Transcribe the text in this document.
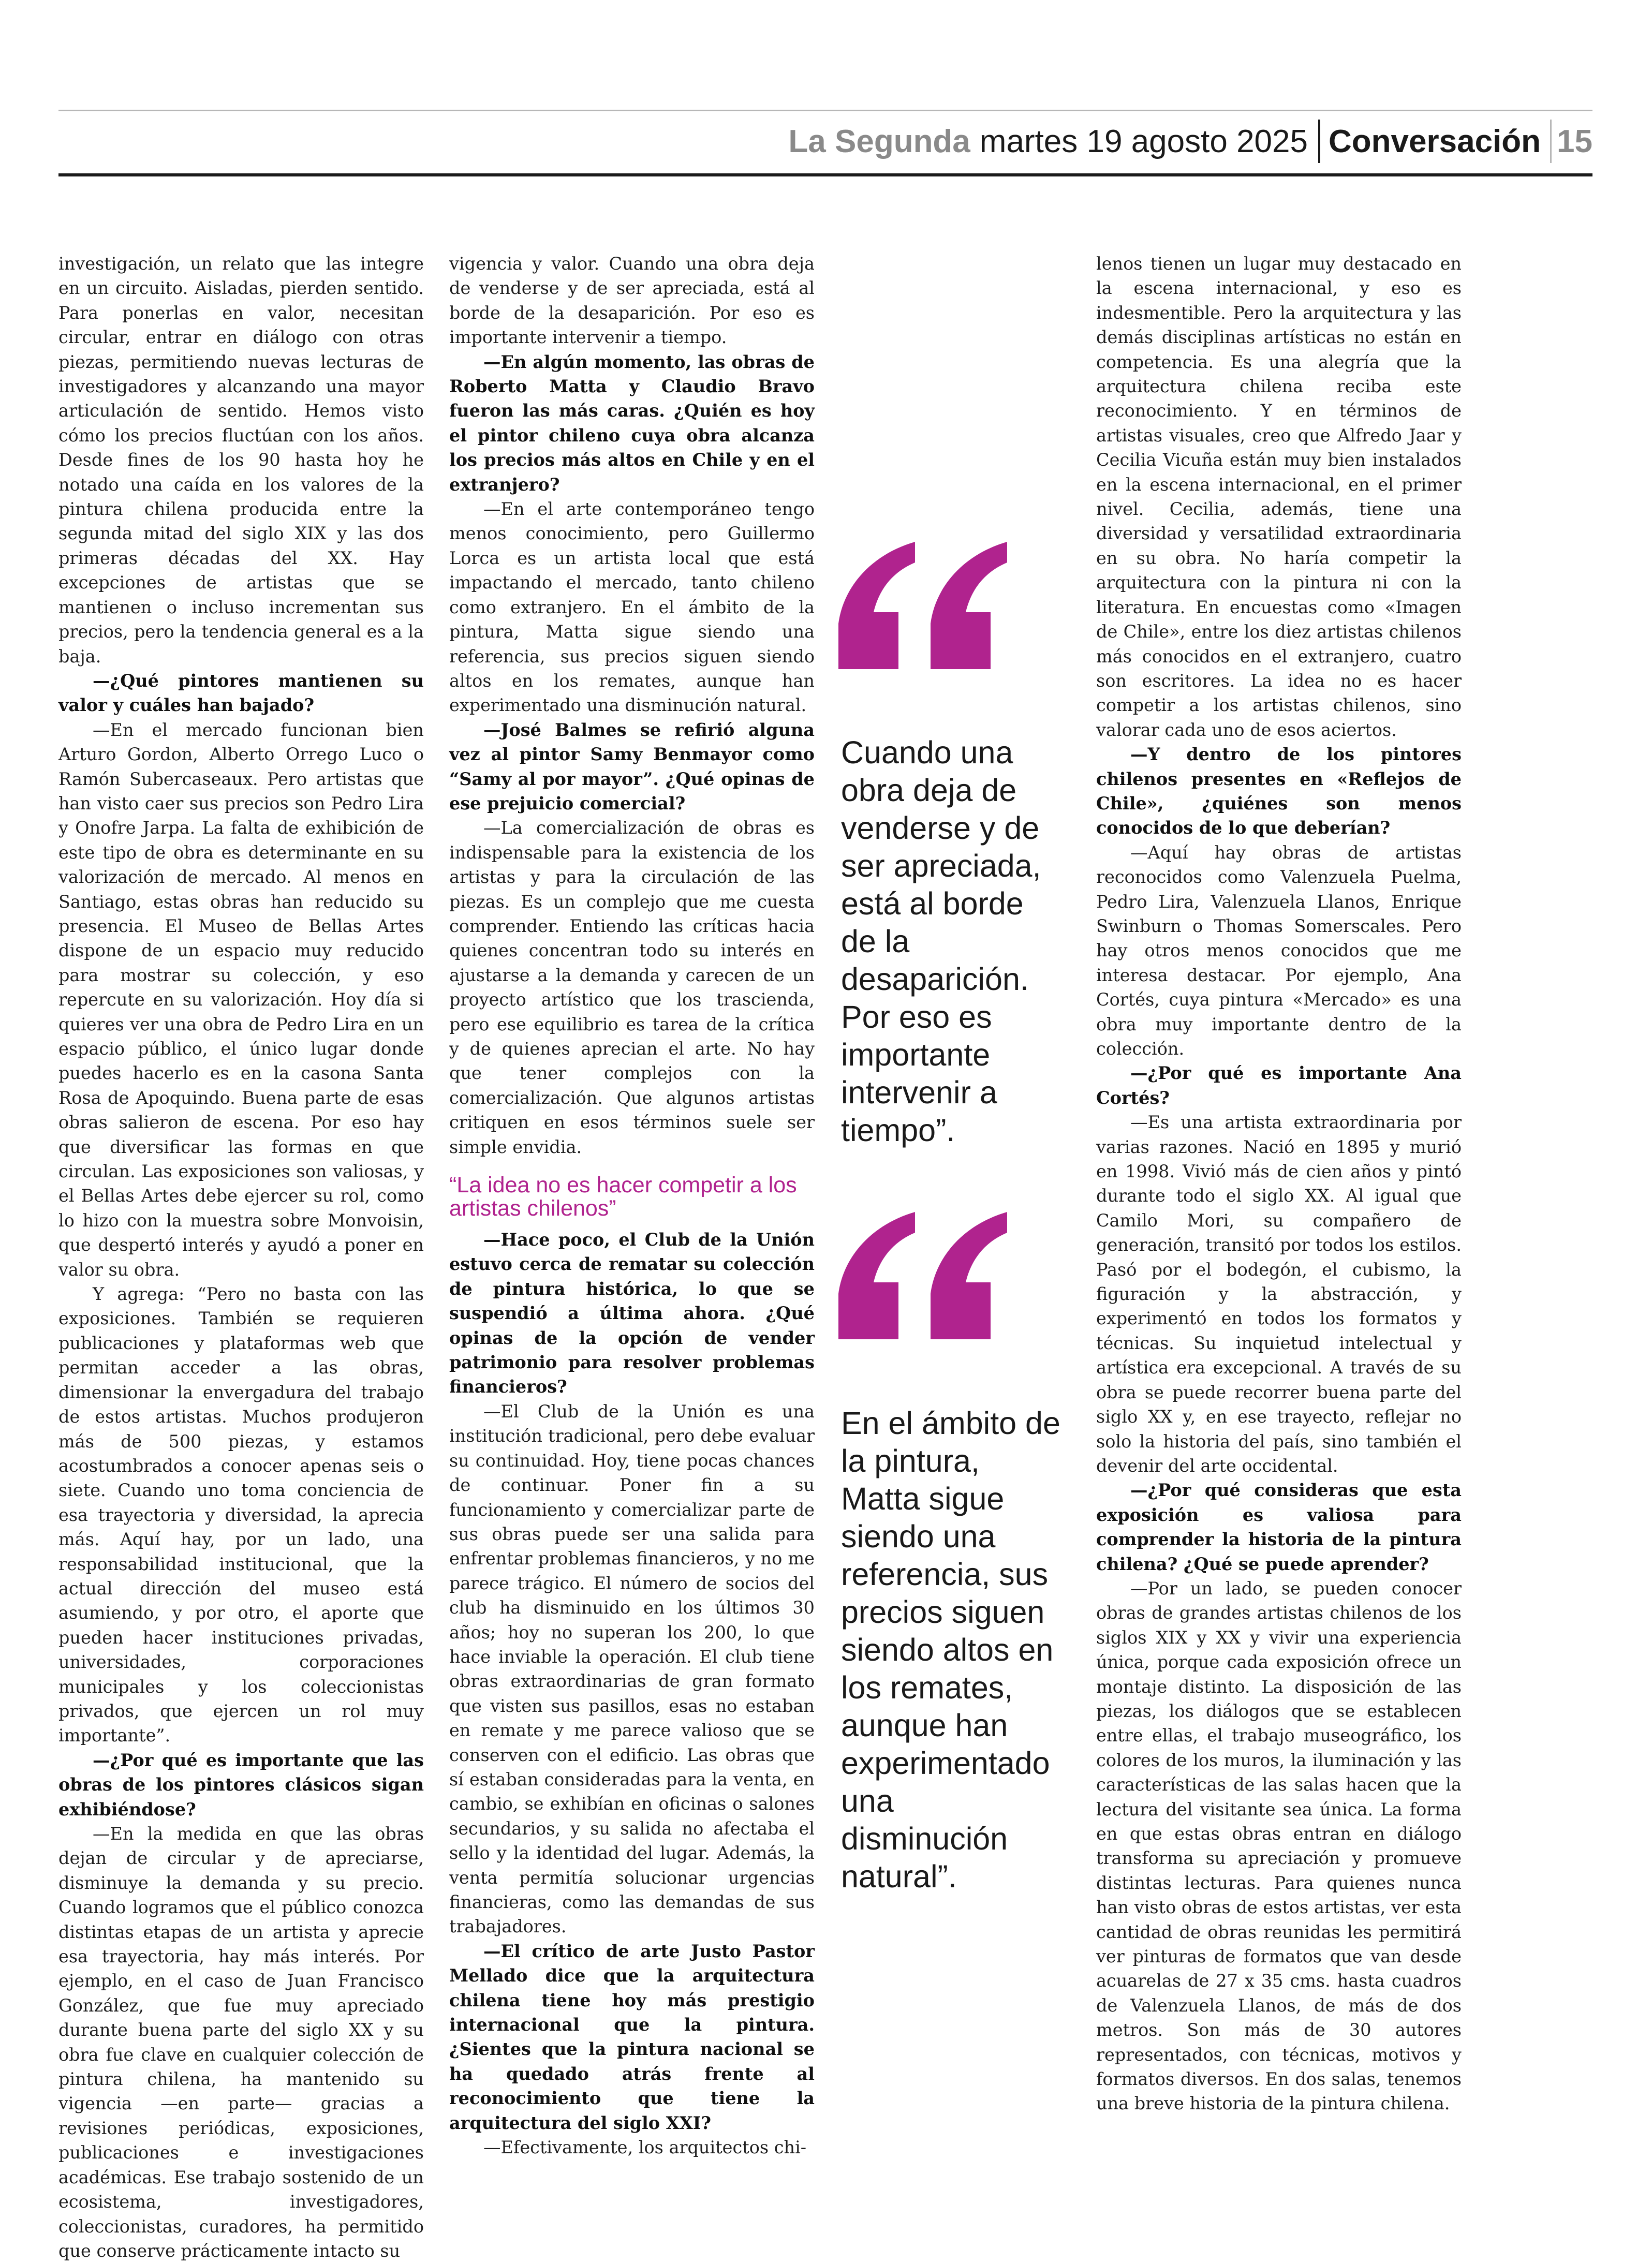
La Segunda martes 19 agosto 2025 Conversación 15

investigación, un relato que las integre en un circuito. Aisladas, pierden sentido. Para ponerlas en valor, necesitan circular, entrar en diálogo con otras piezas, permitiendo nuevas lecturas de investigadores y alcanzando una mayor articulación de sentido. Hemos visto cómo los precios fluctúan con los años. Desde fines de los 90 hasta hoy he notado una caída en los valores de la pintura chilena producida entre la segunda mitad del siglo XIX y las dos primeras décadas del XX. Hay excepciones de artistas que se mantienen o incluso incrementan sus precios, pero la tendencia general es a la baja.

—¿Qué pintores mantienen su valor y cuáles han bajado?

—En el mercado funcionan bien Arturo Gordon, Alberto Orrego Luco o Ramón Subercaseaux. Pero artistas que han visto caer sus precios son Pedro Lira y Onofre Jarpa. La falta de exhibición de este tipo de obra es determinante en su valorización de mercado. Al menos en Santiago, estas obras han reducido su presencia. El Museo de Bellas Artes dispone de un espacio muy reducido para mostrar su colección, y eso repercute en su valorización. Hoy día si quieres ver una obra de Pedro Lira en un espacio público, el único lugar donde puedes hacerlo es en la casona Santa Rosa de Apoquindo. Buena parte de esas obras salieron de escena. Por eso hay que diversificar las formas en que circulan. Las exposiciones son valiosas, y el Bellas Artes debe ejercer su rol, como lo hizo con la muestra sobre Monvoisin, que despertó interés y ayudó a poner en valor su obra.

Y agrega: “Pero no basta con las exposiciones. También se requieren publicaciones y plataformas web que permitan acceder a las obras, dimensionar la envergadura del trabajo de estos artistas. Muchos produjeron más de 500 piezas, y estamos acostumbrados a conocer apenas seis o siete. Cuando uno toma conciencia de esa trayectoria y diversidad, la aprecia más. Aquí hay, por un lado, una responsabilidad institucional, que la actual dirección del museo está asumiendo, y por otro, el aporte que pueden hacer instituciones privadas, universidades, corporaciones municipales y los coleccionistas privados, que ejercen un rol muy importante”.

—¿Por qué es importante que las obras de los pintores clásicos sigan exhibiéndose?

—En la medida en que las obras dejan de circular y de apreciarse, disminuye la demanda y su precio. Cuando logramos que el público conozca distintas etapas de un artista y aprecie esa trayectoria, hay más interés. Por ejemplo, en el caso de Juan Francisco González, que fue muy apreciado durante buena parte del siglo XX y su obra fue clave en cualquier colección de pintura chilena, ha mantenido su vigencia —en parte— gracias a revisiones periódicas, exposiciones, publicaciones e investigaciones académicas. Ese trabajo sostenido de un ecosistema, investigadores, coleccionistas, curadores, ha permitido que conserve prácticamente intacto su

vigencia y valor. Cuando una obra deja de venderse y de ser apreciada, está al borde de la desaparición. Por eso es importante intervenir a tiempo.

—En algún momento, las obras de Roberto Matta y Claudio Bravo fueron las más caras. ¿Quién es hoy el pintor chileno cuya obra alcanza los precios más altos en Chile y en el extranjero?

—En el arte contemporáneo tengo menos conocimiento, pero Guillermo Lorca es un artista local que está impactando el mercado, tanto chileno como extranjero. En el ámbito de la pintura, Matta sigue siendo una referencia, sus precios siguen siendo altos en los remates, aunque han experimentado una disminución natural.

—José Balmes se refirió alguna vez al pintor Samy Benmayor como “Samy al por mayor”. ¿Qué opinas de ese prejuicio comercial?

—La comercialización de obras es indispensable para la existencia de los artistas y para la circulación de las piezas. Es un complejo que me cuesta comprender. Entiendo las críticas hacia quienes concentran todo su interés en ajustarse a la demanda y carecen de un proyecto artístico que los trascienda, pero ese equilibrio es tarea de la crítica y de quienes aprecian el arte. No hay que tener complejos con la comercialización. Que algunos artistas critiquen en esos términos suele ser simple envidia.

“La idea no es hacer competir a los artistas chilenos”

—Hace poco, el Club de la Unión estuvo cerca de rematar su colección de pintura histórica, lo que se suspendió a última ahora. ¿Qué opinas de la opción de vender patrimonio para resolver problemas financieros?

—El Club de la Unión es una institución tradicional, pero debe evaluar su continuidad. Hoy, tiene pocas chances de continuar. Poner fin a su funcionamiento y comercializar parte de sus obras puede ser una salida para enfrentar problemas financieros, y no me parece trágico. El número de socios del club ha disminuido en los últimos 30 años; hoy no superan los 200, lo que hace inviable la operación. El club tiene obras extraordinarias de gran formato que visten sus pasillos, esas no estaban en remate y me parece valioso que se conserven con el edificio. Las obras que sí estaban consideradas para la venta, en cambio, se exhibían en oficinas o salones secundarios, y su salida no afectaba el sello y la identidad del lugar. Además, la venta permitía solucionar urgencias financieras, como las demandas de sus trabajadores.

—El crítico de arte Justo Pastor Mellado dice que la arquitectura chilena tiene hoy más prestigio internacional que la pintura. ¿Sientes que la pintura nacional se ha quedado atrás frente al reconocimiento que tiene la arquitectura del siglo XXI?

—Efectivamente, los arquitectos chi-

lenos tienen un lugar muy destacado en la escena internacional, y eso es indesmentible. Pero la arquitectura y las demás disciplinas artísticas no están en competencia. Es una alegría que la arquitectura chilena reciba este reconocimiento. Y en términos de artistas visuales, creo que Alfredo Jaar y Cecilia Vicuña están muy bien instalados en la escena internacional, en el primer nivel. Cecilia, además, tiene una diversidad y versatilidad extraordinaria en su obra. No haría competir la arquitectura con la pintura ni con la literatura. En encuestas como «Imagen de Chile», entre los diez artistas chilenos más conocidos en el extranjero, cuatro son escritores. La idea no es hacer competir a los artistas chilenos, sino valorar cada uno de esos aciertos.

—Y dentro de los pintores chilenos presentes en «Reflejos de Chile», ¿quiénes son menos conocidos de lo que deberían?

—Aquí hay obras de artistas reconocidos como Valenzuela Puelma, Pedro Lira, Valenzuela Llanos, Enrique Swinburn o Thomas Somerscales. Pero hay otros menos conocidos que me interesa destacar. Por ejemplo, Ana Cortés, cuya pintura «Mercado» es una obra muy importante dentro de la colección.

—¿Por qué es importante Ana Cortés?

—Es una artista extraordinaria por varias razones. Nació en 1895 y murió en 1998. Vivió más de cien años y pintó durante todo el siglo XX. Al igual que Camilo Mori, su compañero de generación, transitó por todos los estilos. Pasó por el bodegón, el cubismo, la figuración y la abstracción, y experimentó en todos los formatos y técnicas. Su inquietud intelectual y artística era excepcional. A través de su obra se puede recorrer buena parte del siglo XX y, en ese trayecto, reflejar no solo la historia del país, sino también el devenir del arte occidental.

—¿Por qué consideras que esta exposición es valiosa para comprender la historia de la pintura chilena? ¿Qué se puede aprender?

—Por un lado, se pueden conocer obras de grandes artistas chilenos de los siglos XIX y XX y vivir una experiencia única, porque cada exposición ofrece un montaje distinto. La disposición de las piezas, los diálogos que se establecen entre ellas, el trabajo museográfico, los colores de los muros, la iluminación y las características de las salas hacen que la lectura del visitante sea única. La forma en que estas obras entran en diálogo transforma su apreciación y promueve distintas lecturas. Para quienes nunca han visto obras de estos artistas, ver esta cantidad de obras reunidas les permitirá ver pinturas de formatos que van desde acuarelas de 27 x 35 cms. hasta cuadros de Valenzuela Llanos, de más de dos metros. Son más de 30 autores representados, con técnicas, motivos y formatos diversos. En dos salas, tenemos una breve historia de la pintura chilena.

Cuando una
obra deja de
venderse y de
ser apreciada,
está al borde
de la
desaparición.
Por eso es
importante
intervenir a
tiempo”.
En el ámbito de
la pintura,
Matta sigue
siendo una
referencia, sus
precios siguen
siendo altos en
los remates,
aunque han
experimentado
una
disminución
natural”.
